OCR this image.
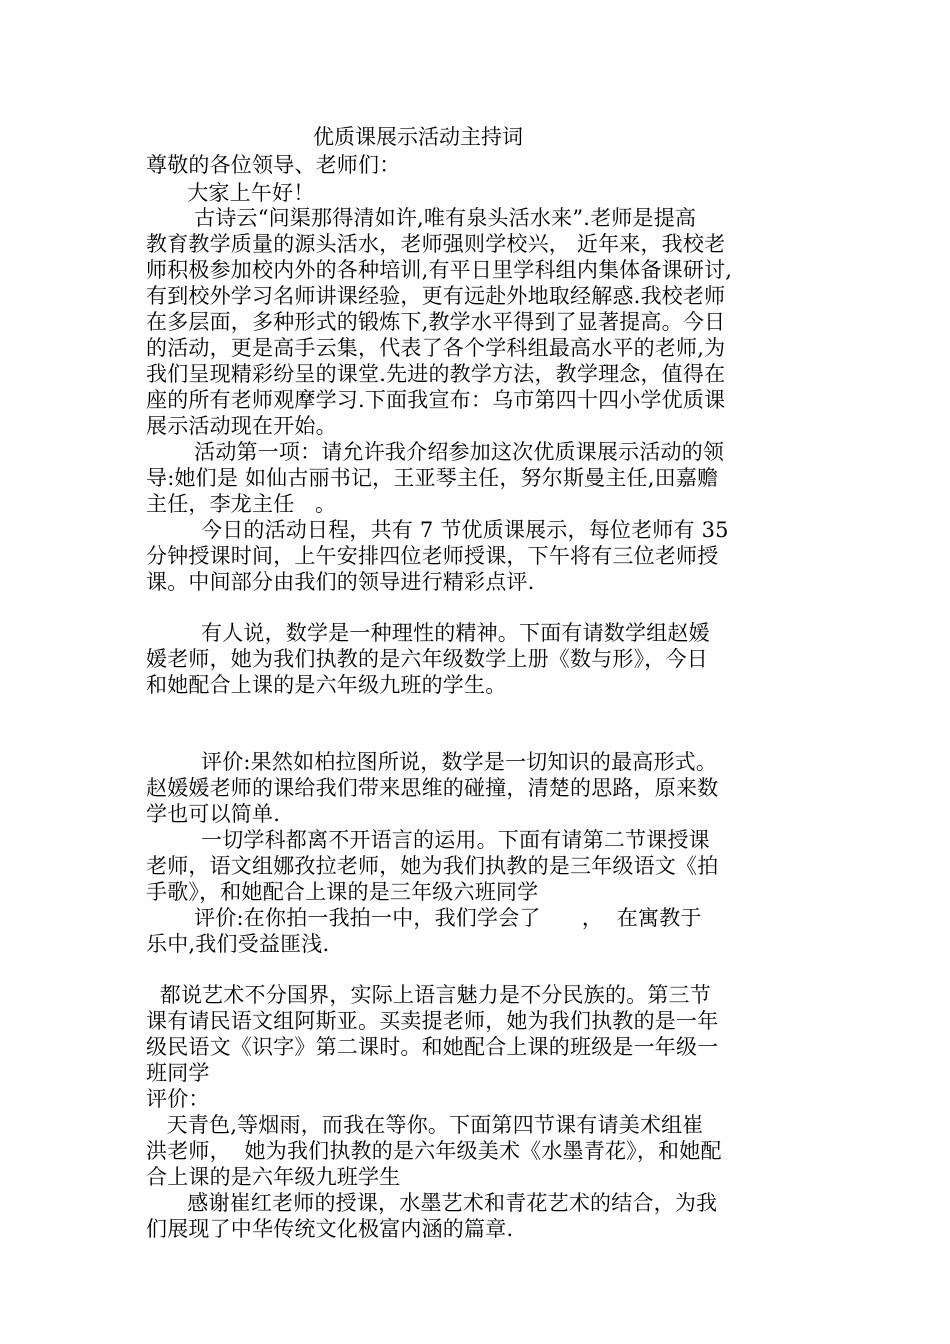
优质课展示活动主持词
尊敬的各位领导、老师们：
大家上午好！
古诗云“问渠那得清如许,唯有泉头活水来”.老师是提高
教育教学质量的源头活水，老师强则学校兴， 近年来，我校老
师积极参加校内外的各种培训,有平日里学科组内集体备课研讨,
有到校外学习名师讲课经验，更有远赴外地取经解惑.我校老师
在多层面，多种形式的锻炼下,教学水平得到了显著提高。今日
的活动，更是高手云集，代表了各个学科组最高水平的老师,为
我们呈现精彩纷呈的课堂.先进的教学方法，教学理念，值得在
座的所有老师观摩学习.下面我宣布：乌市第四十四小学优质课
展示活动现在开始。
活动第一项：请允许我介绍参加这次优质课展示活动的领
导:她们是 如仙古丽书记，王亚琴主任，努尔斯曼主任,田嘉赡
主任，李龙主任   。
今日的活动日程，共有 7 节优质课展示，每位老师有 35
分钟授课时间，上午安排四位老师授课，下午将有三位老师授
课。中间部分由我们的领导进行精彩点评.
有人说，数学是一种理性的精神。下面有请数学组赵媛
媛老师，她为我们执教的是六年级数学上册《数与形》，今日
和她配合上课的是六年级九班的学生。
评价:果然如柏拉图所说，数学是一切知识的最高形式。
赵媛媛老师的课给我们带来思维的碰撞，清楚的思路，原来数
学也可以简单.
一切学科都离不开语言的运用。下面有请第二节课授课
老师，语文组娜孜拉老师，她为我们执教的是三年级语文《拍
手歌》，和她配合上课的是三年级六班同学
评价:在你拍一我拍一中，我们学会了      ，  在寓教于
乐中,我们受益匪浅.
都说艺术不分国界，实际上语言魅力是不分民族的。第三节
课有请民语文组阿斯亚。买卖提老师，她为我们执教的是一年
级民语文《识字》第二课时。和她配合上课的班级是一年级一
班同学
评价：
天青色,等烟雨，而我在等你。下面第四节课有请美术组崔
洪老师，  她为我们执教的是六年级美术《水墨青花》，和她配
合上课的是六年级九班学生
感谢崔红老师的授课，水墨艺术和青花艺术的结合，为我
们展现了中华传统文化极富内涵的篇章.
